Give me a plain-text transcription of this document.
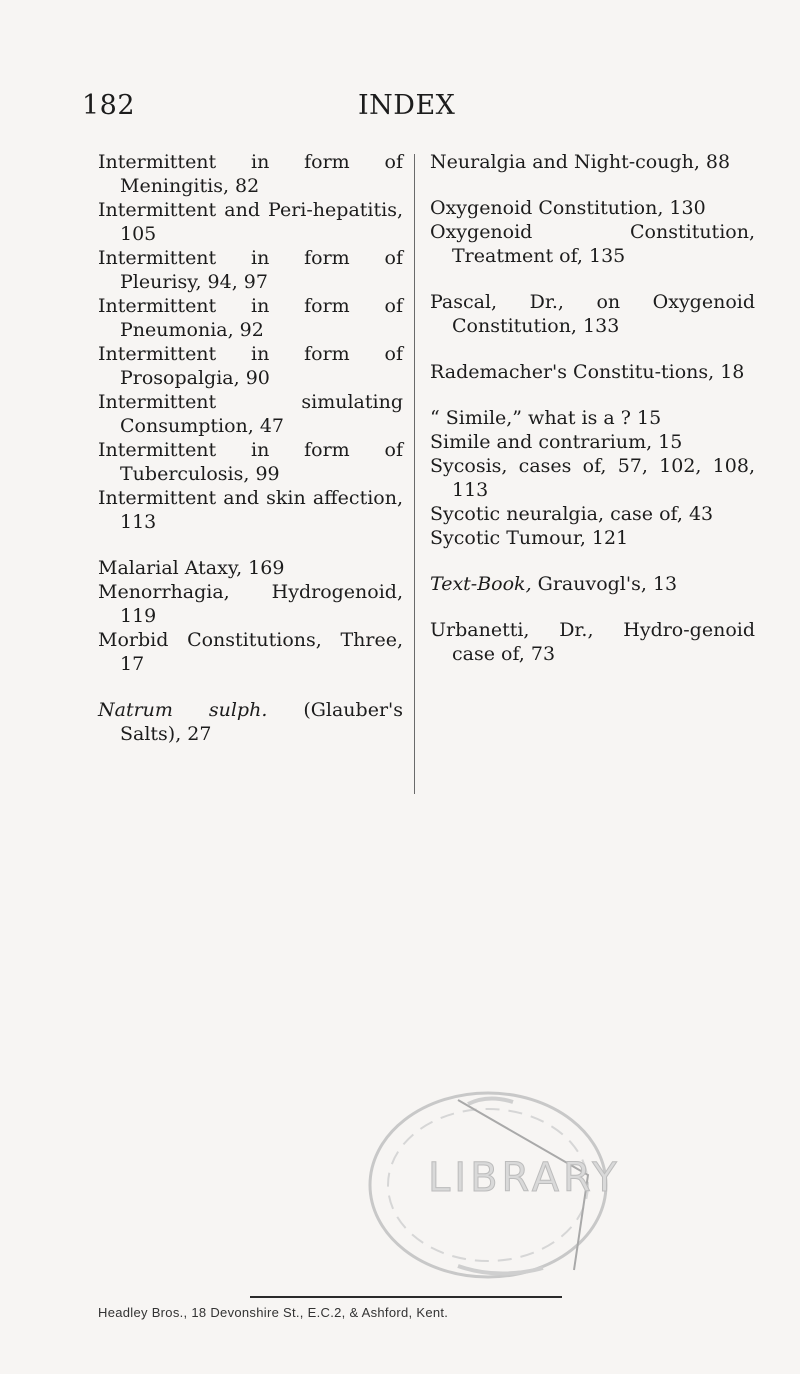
182	INDEX

Intermittent in form of Meningitis, 82

Intermittent and Peri-hepatitis, 105

Intermittent in form of Pleurisy, 94, 97

Intermittent in form of Pneumonia, 92

Intermittent in form of Prosopalgia, 90

Intermittent simulating Consumption, 47

Intermittent in form of Tuberculosis, 99

Intermittent and skin affection, 113

Malarial Ataxy, 169

Menorrhagia, Hydrogenoid, 119

Morbid Constitutions, Three, 17

Natrum sulph. (Glauber's Salts), 27

Neuralgia and Night-cough, 88

Oxygenoid Constitution, 130

Oxygenoid Constitution, Treatment of, 135

Pascal, Dr., on Oxygenoid Constitution, 133

Rademacher's Constitu-tions, 18

“ Simile,” what is a ? 15

Simile and contrarium, 15

Sycosis, cases of, 57, 102, 108, 113

Sycotic neuralgia, case of, 43

Sycotic Tumour, 121

Text-Book, Grauvogl's, 13

Urbanetti, Dr., Hydro-genoid case of, 73

LIBRARY
Headley Bros., 18 Devonshire St., E.C.2, & Ashford, Kent.
